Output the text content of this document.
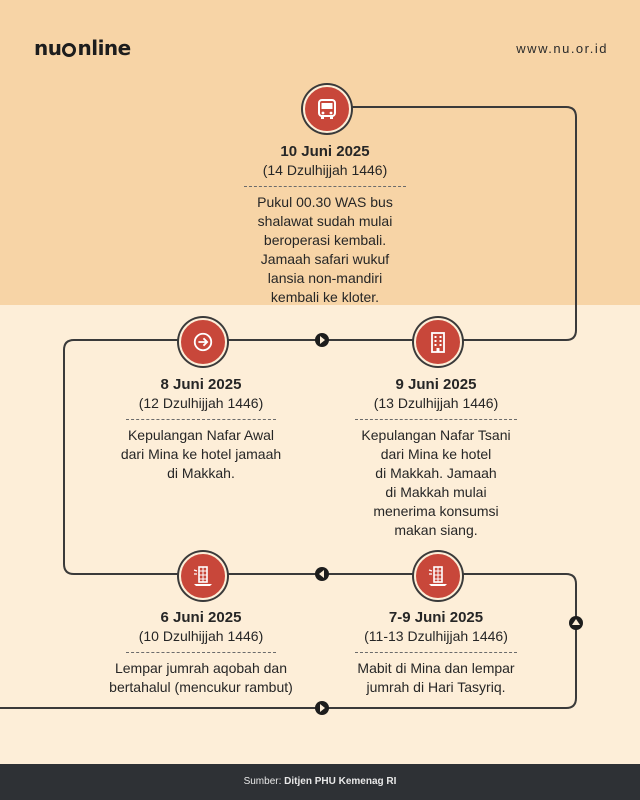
nu nline	www.nu.or.id
10 Juni 2025
(14 Dzulhijjah 1446)
Pukul 00.30 WAS bus
shalawat sudah mulai
beroperasi kembali.
Jamaah safari wukuf
lansia non-mandiri
kembali ke kloter.
9 Juni 2025
(13 Dzulhijjah 1446)
Kepulangan Nafar Tsani
dari Mina ke hotel
di Makkah. Jamaah
di Makkah mulai
menerima konsumsi
makan siang.
8 Juni 2025
(12 Dzulhijjah 1446)
Kepulangan Nafar Awal
dari Mina ke hotel jamaah
di Makkah.
7-9 Juni 2025
(11-13 Dzulhijjah 1446)
Mabit di Mina dan lempar
jumrah di Hari Tasyriq.
6 Juni 2025
(10 Dzulhijjah 1446)
Lempar jumrah aqobah dan
bertahalul (mencukur rambut)
Sumber: Ditjen PHU Kemenag RI
